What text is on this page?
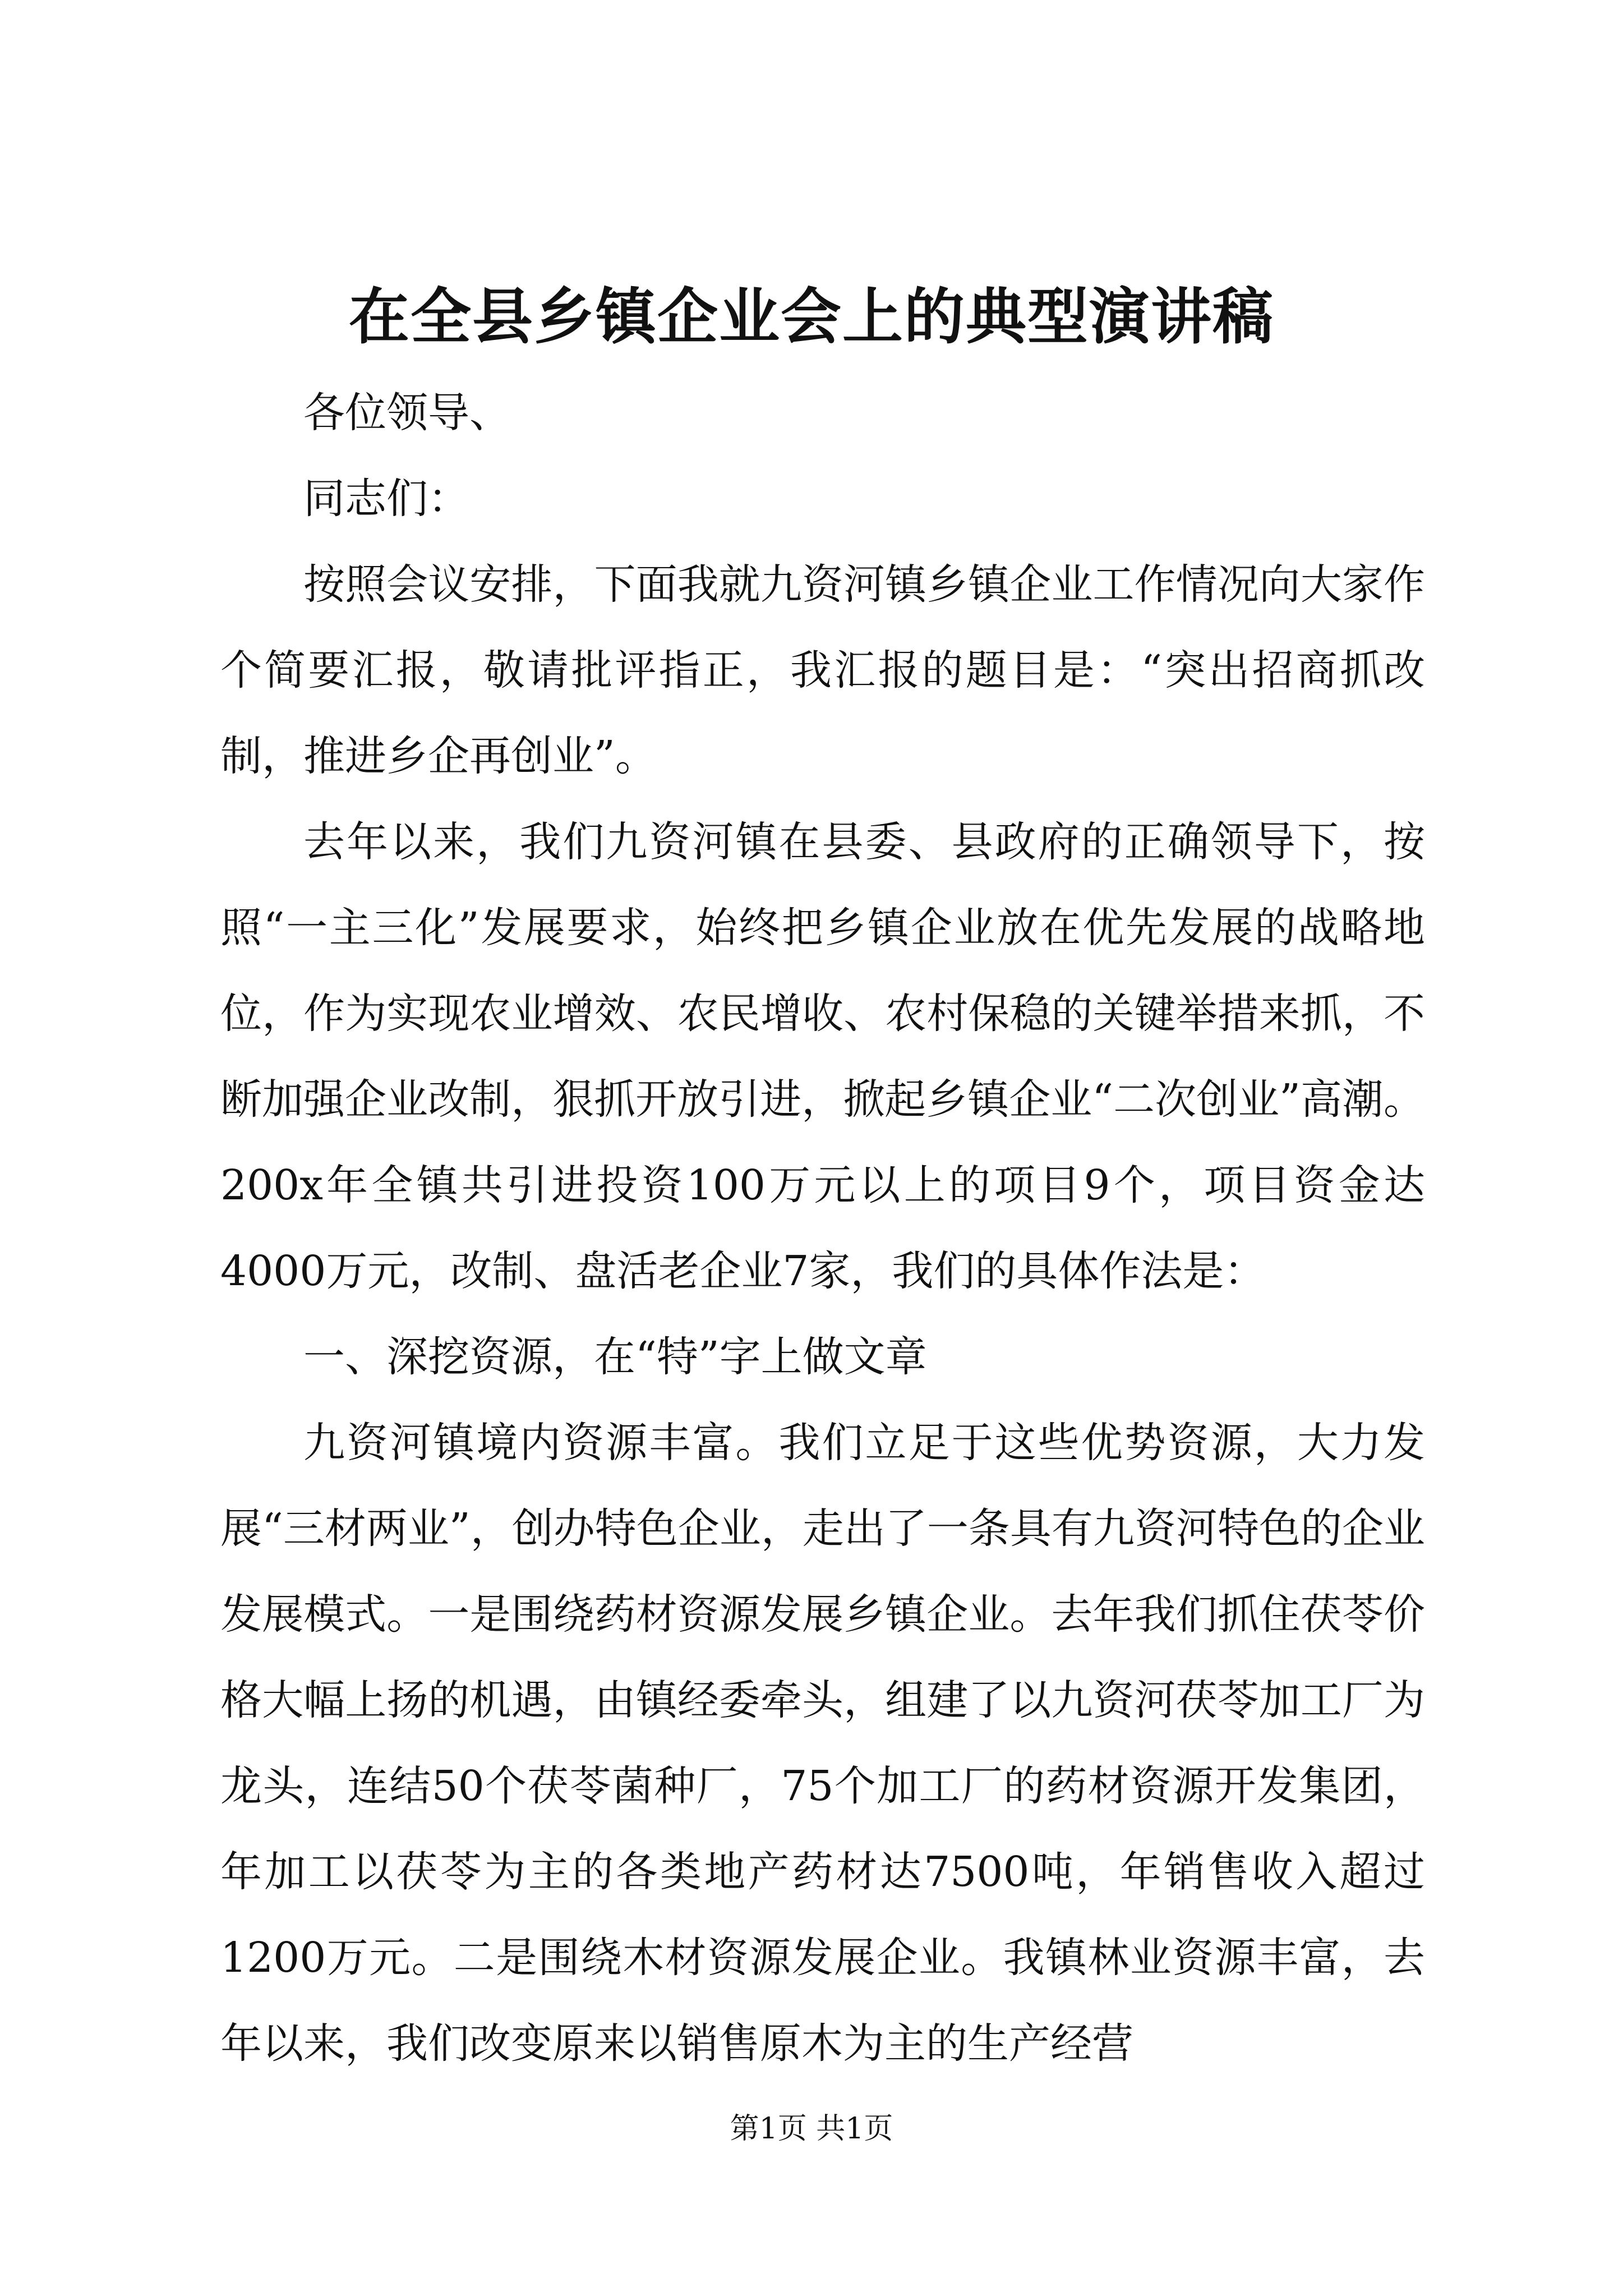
在全县乡镇企业会上的典型演讲稿

各位领导、

同志们：

按照会议安排，下面我就九资河镇乡镇企业工作情况向大家作个简要汇报，敬请批评指正，我汇报的题目是：“突出招商抓改制，推进乡企再创业”。

去年以来，我们九资河镇在县委、县政府的正确领导下，按照“一主三化”发展要求，始终把乡镇企业放在优先发展的战略地位，作为实现农业增效、农民增收、农村保稳的关键举措来抓，不断加强企业改制，狠抓开放引进，掀起乡镇企业“二次创业”高潮。200x年全镇共引进投资100万元以上的项目9个，项目资金达4000万元，改制、盘活老企业7家，我们的具体作法是：

一、深挖资源，在“特”字上做文章

九资河镇境内资源丰富。我们立足于这些优势资源，大力发展“三材两业”，创办特色企业，走出了一条具有九资河特色的企业发展模式。一是围绕药材资源发展乡镇企业。去年我们抓住茯苓价格大幅上扬的机遇，由镇经委牵头，组建了以九资河茯苓加工厂为龙头，连结50个茯苓菌种厂，75个加工厂的药材资源开发集团，年加工以茯苓为主的各类地产药材达7500吨，年销售收入超过1200万元。二是围绕木材资源发展企业。我镇林业资源丰富，去年以来，我们改变原来以销售原木为主的生产经营

第1页 共1页
